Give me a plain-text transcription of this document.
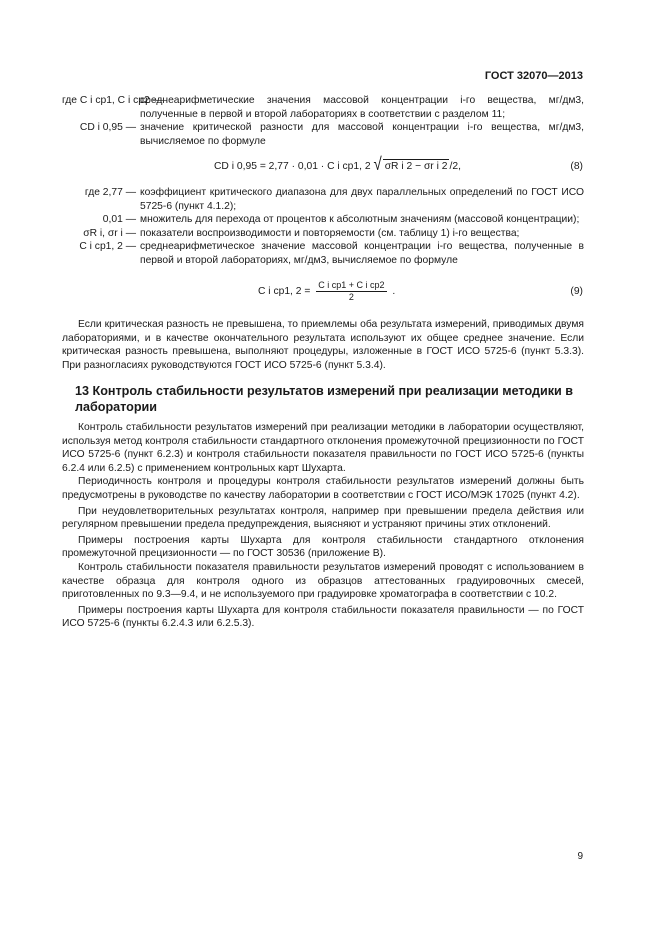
ГОСТ 32070—2013
где C i ср1, C i ср2 —
среднеарифметические значения массовой концентрации i-го вещества, мг/дм3, полученные в первой и второй лабораториях в соответствии с разделом 11;
CD i 0,95 — значение критической разности для массовой концентрации i-го вещества, мг/дм3, вычисляемое по формуле
CD i 0,95 = 2,77 · 0,01 · C i ср1, 2 √ σR i 2 − σr i 2 /2,	(8)
где 2,77 — коэффициент критического диапазона для двух параллельных определений по ГОСТ ИСО 5725-6 (пункт 4.1.2);
0,01 — множитель для перехода от процентов к абсолютным значениям (массовой концентрации);
σR i, σr i — показатели воспроизводимости и повторяемости (см. таблицу 1) i-го вещества;
C i ср1, 2 — среднеарифметическое значение массовой концентрации i-го вещества, полученные в первой и второй лабораториях, мг/дм3, вычисляемое по формуле
C i ср1, $2 = \frac{\text{C i ср1 + C i ср2}}{2}$ .	(9)
Если критическая разность не превышена, то приемлемы оба результата измерений, приводимых двумя лабораториями, и в качестве окончательного результата используют их общее среднее значение. Если критическая разность превышена, выполняют процедуры, изложенные в ГОСТ ИСО 5725-6 (пункт 5.3.3). При разногласиях руководствуются ГОСТ ИСО 5725-6 (пункт 5.3.4).
13 Контроль стабильности результатов измерений при реализации методики в лаборатории
Контроль стабильности результатов измерений при реализации методики в лаборатории осуществляют, используя метод контроля стабильности стандартного отклонения промежуточной прецизионности по ГОСТ ИСО 5725-6 (пункт 6.2.3) и контроля стабильности показателя правильности по ГОСТ ИСО 5725-6 (пункты 6.2.4 или 6.2.5) с применением контрольных карт Шухарта.
Периодичность контроля и процедуры контроля стабильности результатов измерений должны быть предусмотрены в руководстве по качеству лаборатории в соответствии с ГОСТ ИСО/МЭК 17025 (пункт 4.2).
При неудовлетворительных результатах контроля, например при превышении предела действия или регулярном превышении предела предупреждения, выясняют и устраняют причины этих отклонений.
Примеры построения карты Шухарта для контроля стабильности стандартного отклонения промежуточной прецизионности — по ГОСТ 30536 (приложение В).
Контроль стабильности показателя правильности результатов измерений проводят с использованием в качестве образца для контроля одного из образцов аттестованных градуировочных смесей, приготовленных по 9.3—9.4, и не используемого при градуировке хроматографа в соответствии с 10.2.
Примеры построения карты Шухарта для контроля стабильности показателя правильности — по ГОСТ ИСО 5725-6 (пункты 6.2.4.3 или 6.2.5.3).
9
